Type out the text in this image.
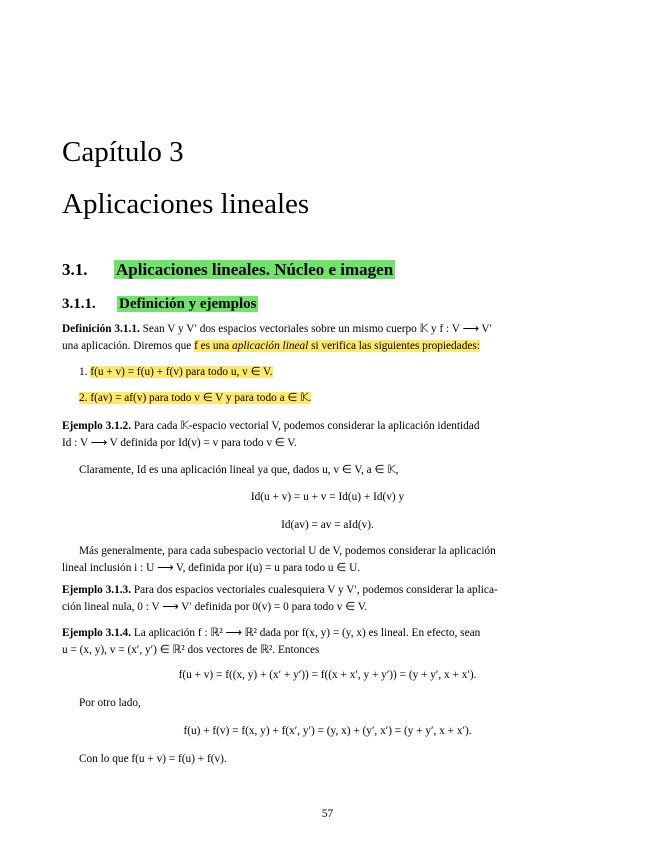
Capítulo 3
Aplicaciones lineales
3.1. Aplicaciones lineales. Núcleo e imagen
3.1.1. Definición y ejemplos
Definición 3.1.1. Sean V y V′ dos espacios vectoriales sobre un mismo cuerpo 𝕂 y f : V ⟶ V′
una aplicación. Diremos que f es una aplicación lineal si verifica las siguientes propiedades:
1. f(u + v) = f(u) + f(v) para todo u, v ∈ V.
2. f(av) = af(v) para todo v ∈ V y para todo a ∈ 𝕂.
Ejemplo 3.1.2. Para cada 𝕂-espacio vectorial V, podemos considerar la aplicación identidad
Id : V ⟶ V definida por Id(v) = v para todo v ∈ V.
Claramente, Id es una aplicación lineal ya que, dados u, v ∈ V, a ∈ 𝕂,
Id(u + v) = u + v = Id(u) + Id(v) y
Id(av) = av = aId(v).
Más generalmente, para cada subespacio vectorial U de V, podemos considerar la aplicación
lineal inclusión i : U ⟶ V, definida por i(u) = u para todo u ∈ U.
Ejemplo 3.1.3. Para dos espacios vectoriales cualesquiera V y V′, podemos considerar la aplica-
ción lineal nula, 0 : V ⟶ V′ definida por 0(v) = 0 para todo v ∈ V.
Ejemplo 3.1.4. La aplicación f : ℝ² ⟶ ℝ² dada por f(x, y) = (y, x) es lineal. En efecto, sean
u = (x, y), v = (x′, y′) ∈ ℝ² dos vectores de ℝ². Entonces
f(u + v) = f((x, y) + (x′ + y′)) = f((x + x′, y + y′)) = (y + y′, x + x′).
Por otro lado,
f(u) + f(v) = f(x, y) + f(x′, y′) = (y, x) + (y′, x′) = (y + y′, x + x′).
Con lo que f(u + v) = f(u) + f(v).
57
